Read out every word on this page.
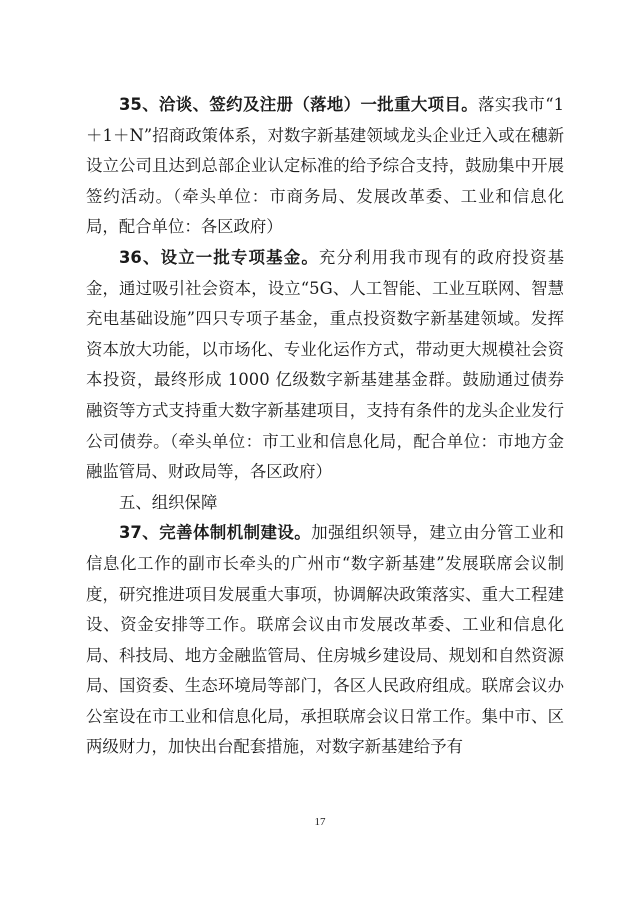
35、洽谈、签约及注册（落地）一批重大项目。落实我市“1＋1＋N”招商政策体系，对数字新基建领域龙头企业迁入或在穗新设立公司且达到总部企业认定标准的给予综合支持，鼓励集中开展签约活动。（牵头单位：市商务局、发展改革委、工业和信息化局，配合单位：各区政府）

36、设立一批专项基金。充分利用我市现有的政府投资基金，通过吸引社会资本，设立“5G、人工智能、工业互联网、智慧充电基础设施”四只专项子基金，重点投资数字新基建领域。发挥资本放大功能，以市场化、专业化运作方式，带动更大规模社会资本投资，最终形成 1000 亿级数字新基建基金群。鼓励通过债券融资等方式支持重大数字新基建项目，支持有条件的龙头企业发行公司债券。（牵头单位：市工业和信息化局，配合单位：市地方金融监管局、财政局等，各区政府）

五、组织保障

37、完善体制机制建设。加强组织领导，建立由分管工业和信息化工作的副市长牵头的广州市“数字新基建”发展联席会议制度，研究推进项目发展重大事项，协调解决政策落实、重大工程建设、资金安排等工作。联席会议由市发展改革委、工业和信息化局、科技局、地方金融监管局、住房城乡建设局、规划和自然资源局、国资委、生态环境局等部门，各区人民政府组成。联席会议办公室设在市工业和信息化局，承担联席会议日常工作。集中市、区两级财力，加快出台配套措施，对数字新基建给予有

17
